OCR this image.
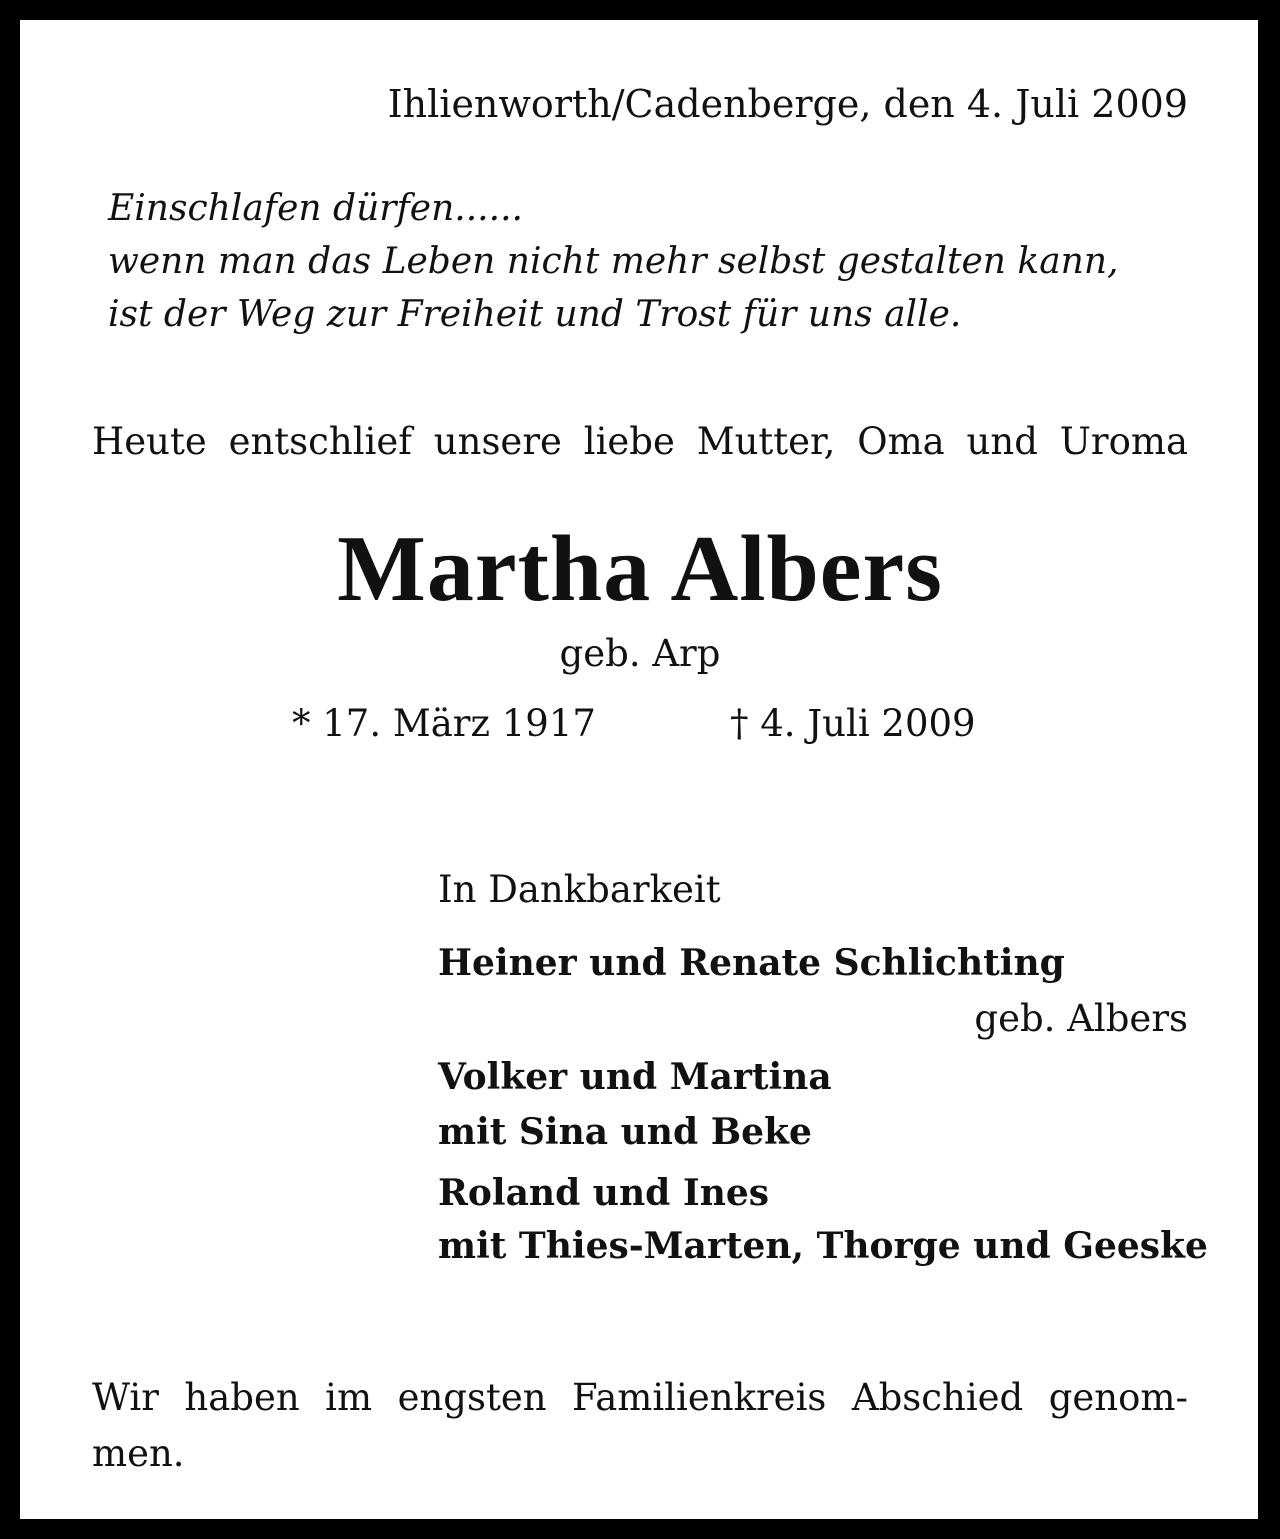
Ihlienworth/Cadenberge, den 4. Juli 2009

Einschlafen dürfen......
wenn man das Leben nicht mehr selbst gestalten kann,
ist der Weg zur Freiheit und Trost für uns alle.

Heute entschlief unsere liebe Mutter, Oma und Uroma

Martha Albers

geb. Arp

* 17. März 1917	† 4. Juli 2009

In Dankbarkeit

Heiner und Renate Schlichting

geb. Albers

Volker und Martina

mit Sina und Beke

Roland und Ines

mit Thies-Marten, Thorge und Geeske

Wir haben im engsten Familienkreis Abschied genom-
men.
